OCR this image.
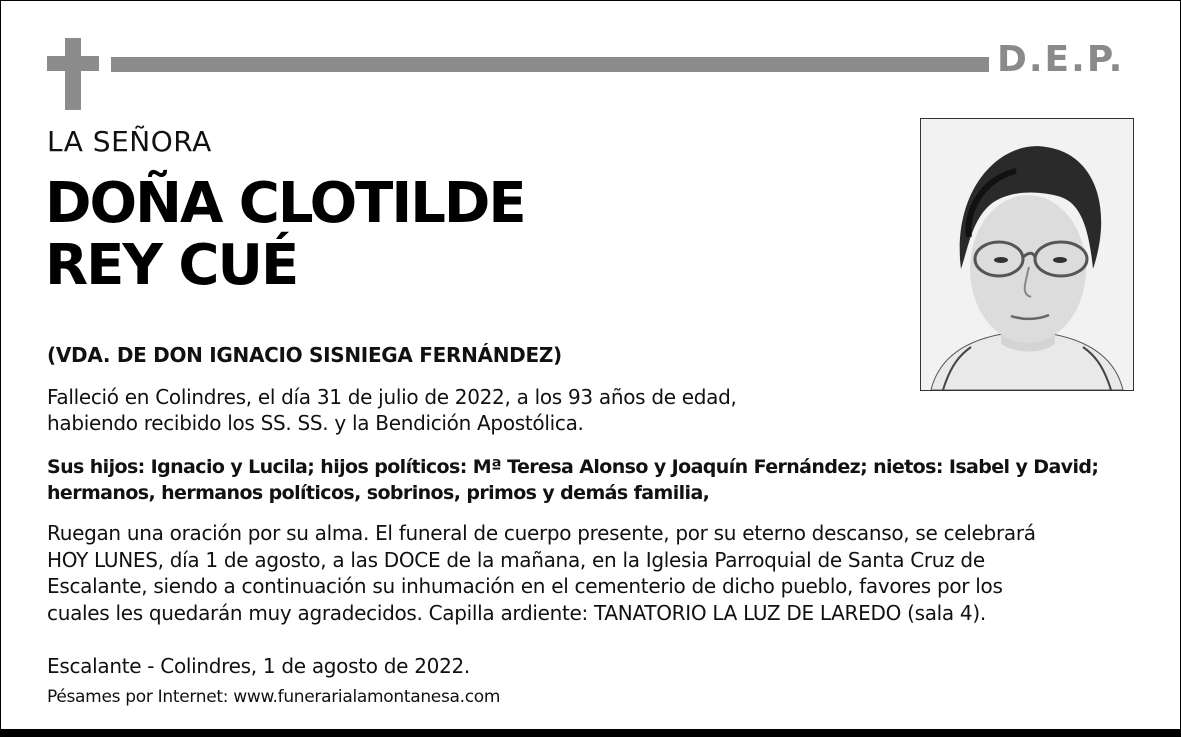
D.E.P.
LA SEÑORA
DOÑA CLOTILDE
REY CUÉ
(VDA. DE DON IGNACIO SISNIEGA FERNÁNDEZ)
Falleció en Colindres, el día 31 de julio de 2022, a los 93 años de edad,
habiendo recibido los SS. SS. y la Bendición Apostólica.
Sus hijos: Ignacio y Lucila; hijos políticos: Mª Teresa Alonso y Joaquín Fernández; nietos: Isabel y David;
hermanos, hermanos políticos, sobrinos, primos y demás familia,
Ruegan una oración por su alma. El funeral de cuerpo presente, por su eterno descanso, se celebrará
HOY LUNES, día 1 de agosto, a las DOCE de la mañana, en la Iglesia Parroquial de Santa Cruz de
Escalante, siendo a continuación su inhumación en el cementerio de dicho pueblo, favores por los
cuales les quedarán muy agradecidos. Capilla ardiente: TANATORIO LA LUZ DE LAREDO (sala 4).
Escalante - Colindres, 1 de agosto de 2022.
Pésames por Internet: www.funerarialamontanesa.com
